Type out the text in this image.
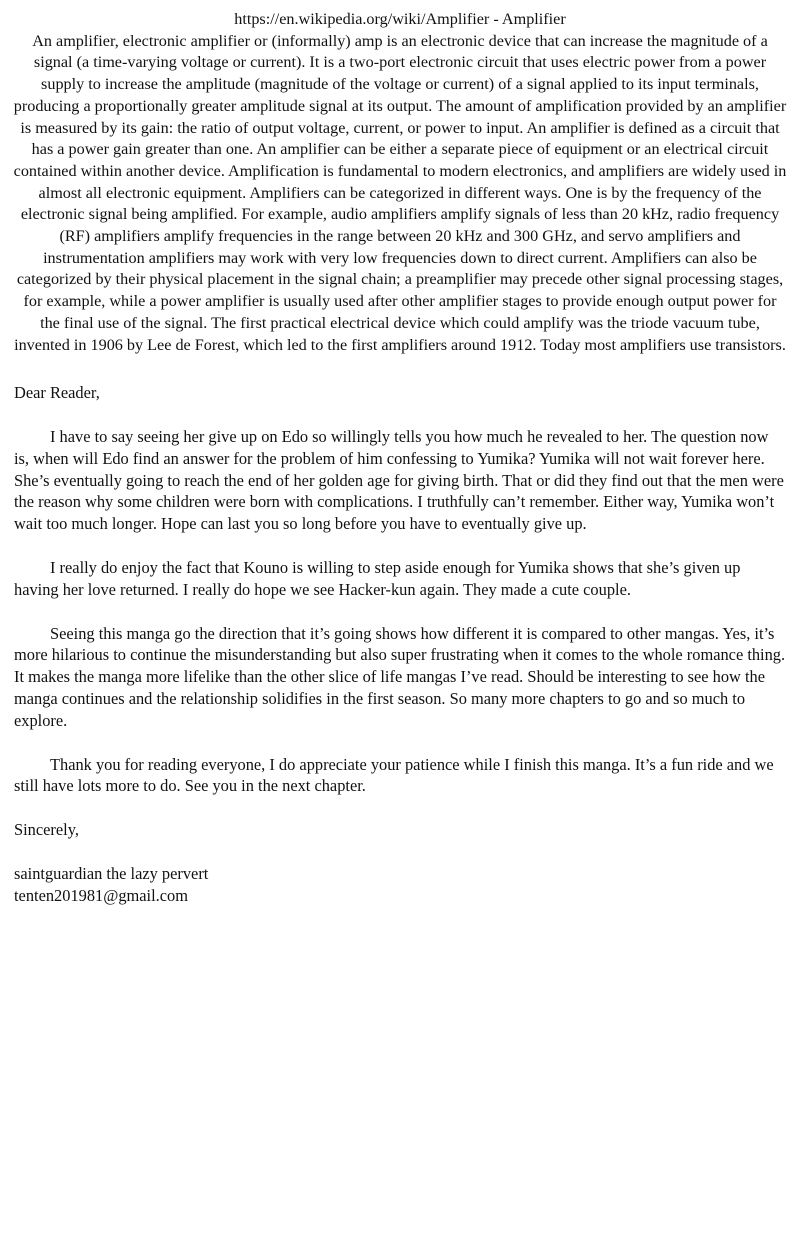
https://en.wikipedia.org/wiki/Amplifier - Amplifier
An amplifier, electronic amplifier or (informally) amp is an electronic device that can increase the magnitude of a signal (a time-varying voltage or current). It is a two-port electronic circuit that uses electric power from a power supply to increase the amplitude (magnitude of the voltage or current) of a signal applied to its input terminals, producing a proportionally greater amplitude signal at its output. The amount of amplification provided by an amplifier is measured by its gain: the ratio of output voltage, current, or power to input. An amplifier is defined as a circuit that has a power gain greater than one. An amplifier can be either a separate piece of equipment or an electrical circuit contained within another device. Amplification is fundamental to modern electronics, and amplifiers are widely used in almost all electronic equipment. Amplifiers can be categorized in different ways. One is by the frequency of the electronic signal being amplified. For example, audio amplifiers amplify signals of less than 20 kHz, radio frequency (RF) amplifiers amplify frequencies in the range between 20 kHz and 300 GHz, and servo amplifiers and instrumentation amplifiers may work with very low frequencies down to direct current. Amplifiers can also be categorized by their physical placement in the signal chain; a preamplifier may precede other signal processing stages, for example, while a power amplifier is usually used after other amplifier stages to provide enough output power for the final use of the signal. The first practical electrical device which could amplify was the triode vacuum tube, invented in 1906 by Lee de Forest, which led to the first amplifiers around 1912. Today most amplifiers use transistors.

Dear Reader,

I have to say seeing her give up on Edo so willingly tells you how much he revealed to her. The question now is, when will Edo find an answer for the problem of him confessing to Yumika? Yumika will not wait forever here. She’s eventually going to reach the end of her golden age for giving birth. That or did they find out that the men were the reason why some children were born with complications. I truthfully can’t remember. Either way, Yumika won’t wait too much longer. Hope can last you so long before you have to eventually give up.

I really do enjoy the fact that Kouno is willing to step aside enough for Yumika shows that she’s given up having her love returned. I really do hope we see Hacker-kun again. They made a cute couple.

Seeing this manga go the direction that it’s going shows how different it is compared to other mangas. Yes, it’s more hilarious to continue the misunderstanding but also super frustrating when it comes to the whole romance thing. It makes the manga more lifelike than the other slice of life mangas I’ve read. Should be interesting to see how the manga continues and the relationship solidifies in the first season. So many more chapters to go and so much to explore.

Thank you for reading everyone, I do appreciate your patience while I finish this manga. It’s a fun ride and we still have lots more to do. See you in the next chapter.

Sincerely,

saintguardian the lazy pervert
tenten201981@gmail.com
